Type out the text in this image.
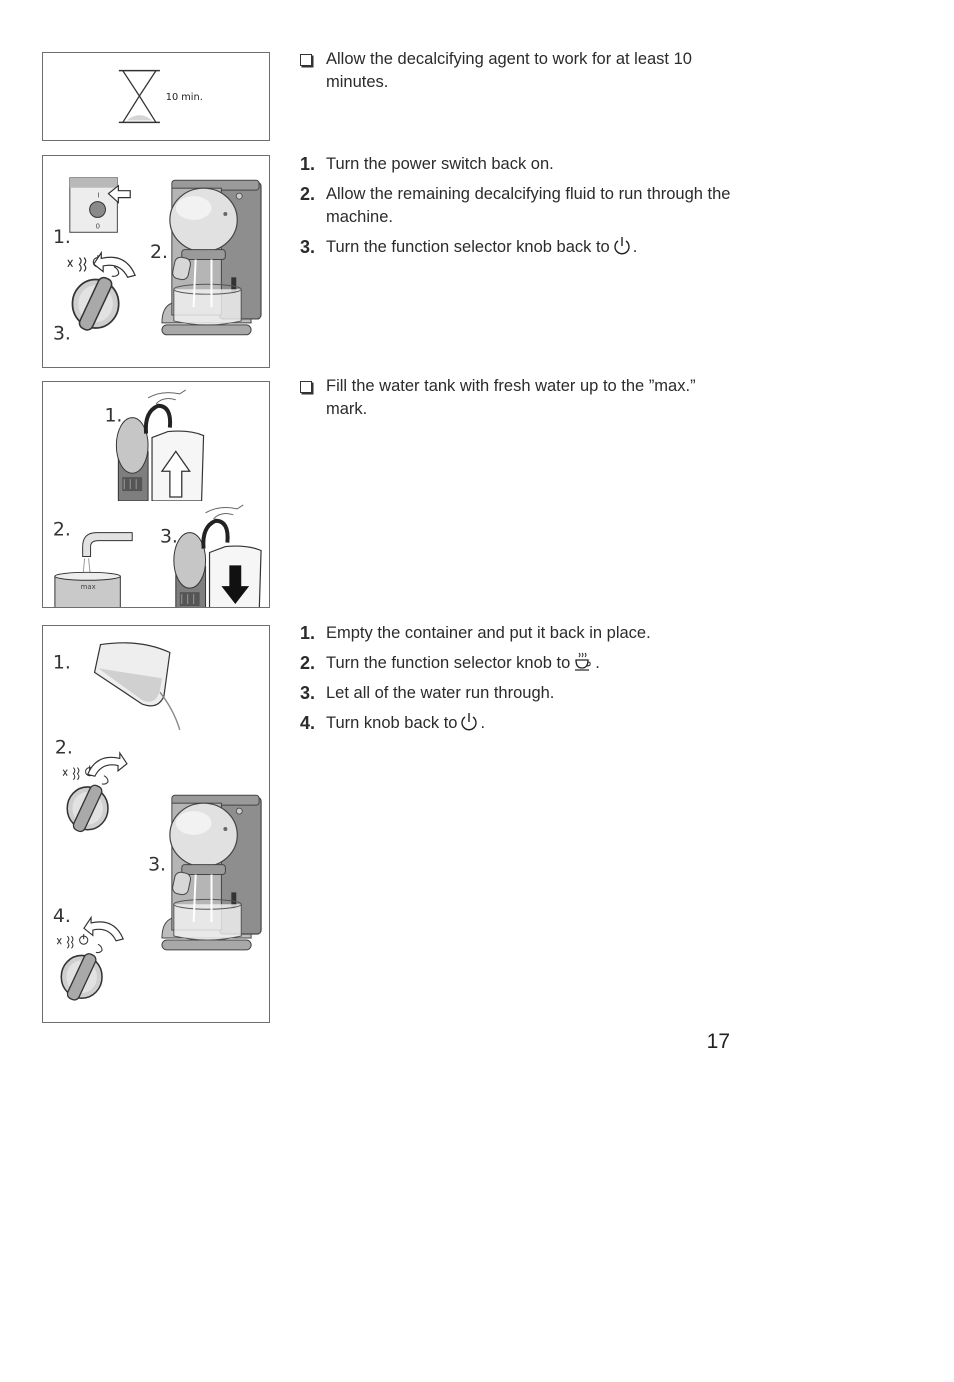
10 min.
I
0
1.
2.
3.
1.
2.
max
3.
1.
2.
3.
4.
Allow the decalcifying agent to work for at least 10 minutes.
1. Turn the power switch back on.
2. Allow the remaining decalcifying fluid to run through the machine.
3. Turn the function selector knob back to .
Fill the water tank with fresh water up to the ”max.” mark.
1. Empty the container and put it back in place.
2. Turn the function selector knob to .
3. Let all of the water run through.
4. Turn knob back to .
17
